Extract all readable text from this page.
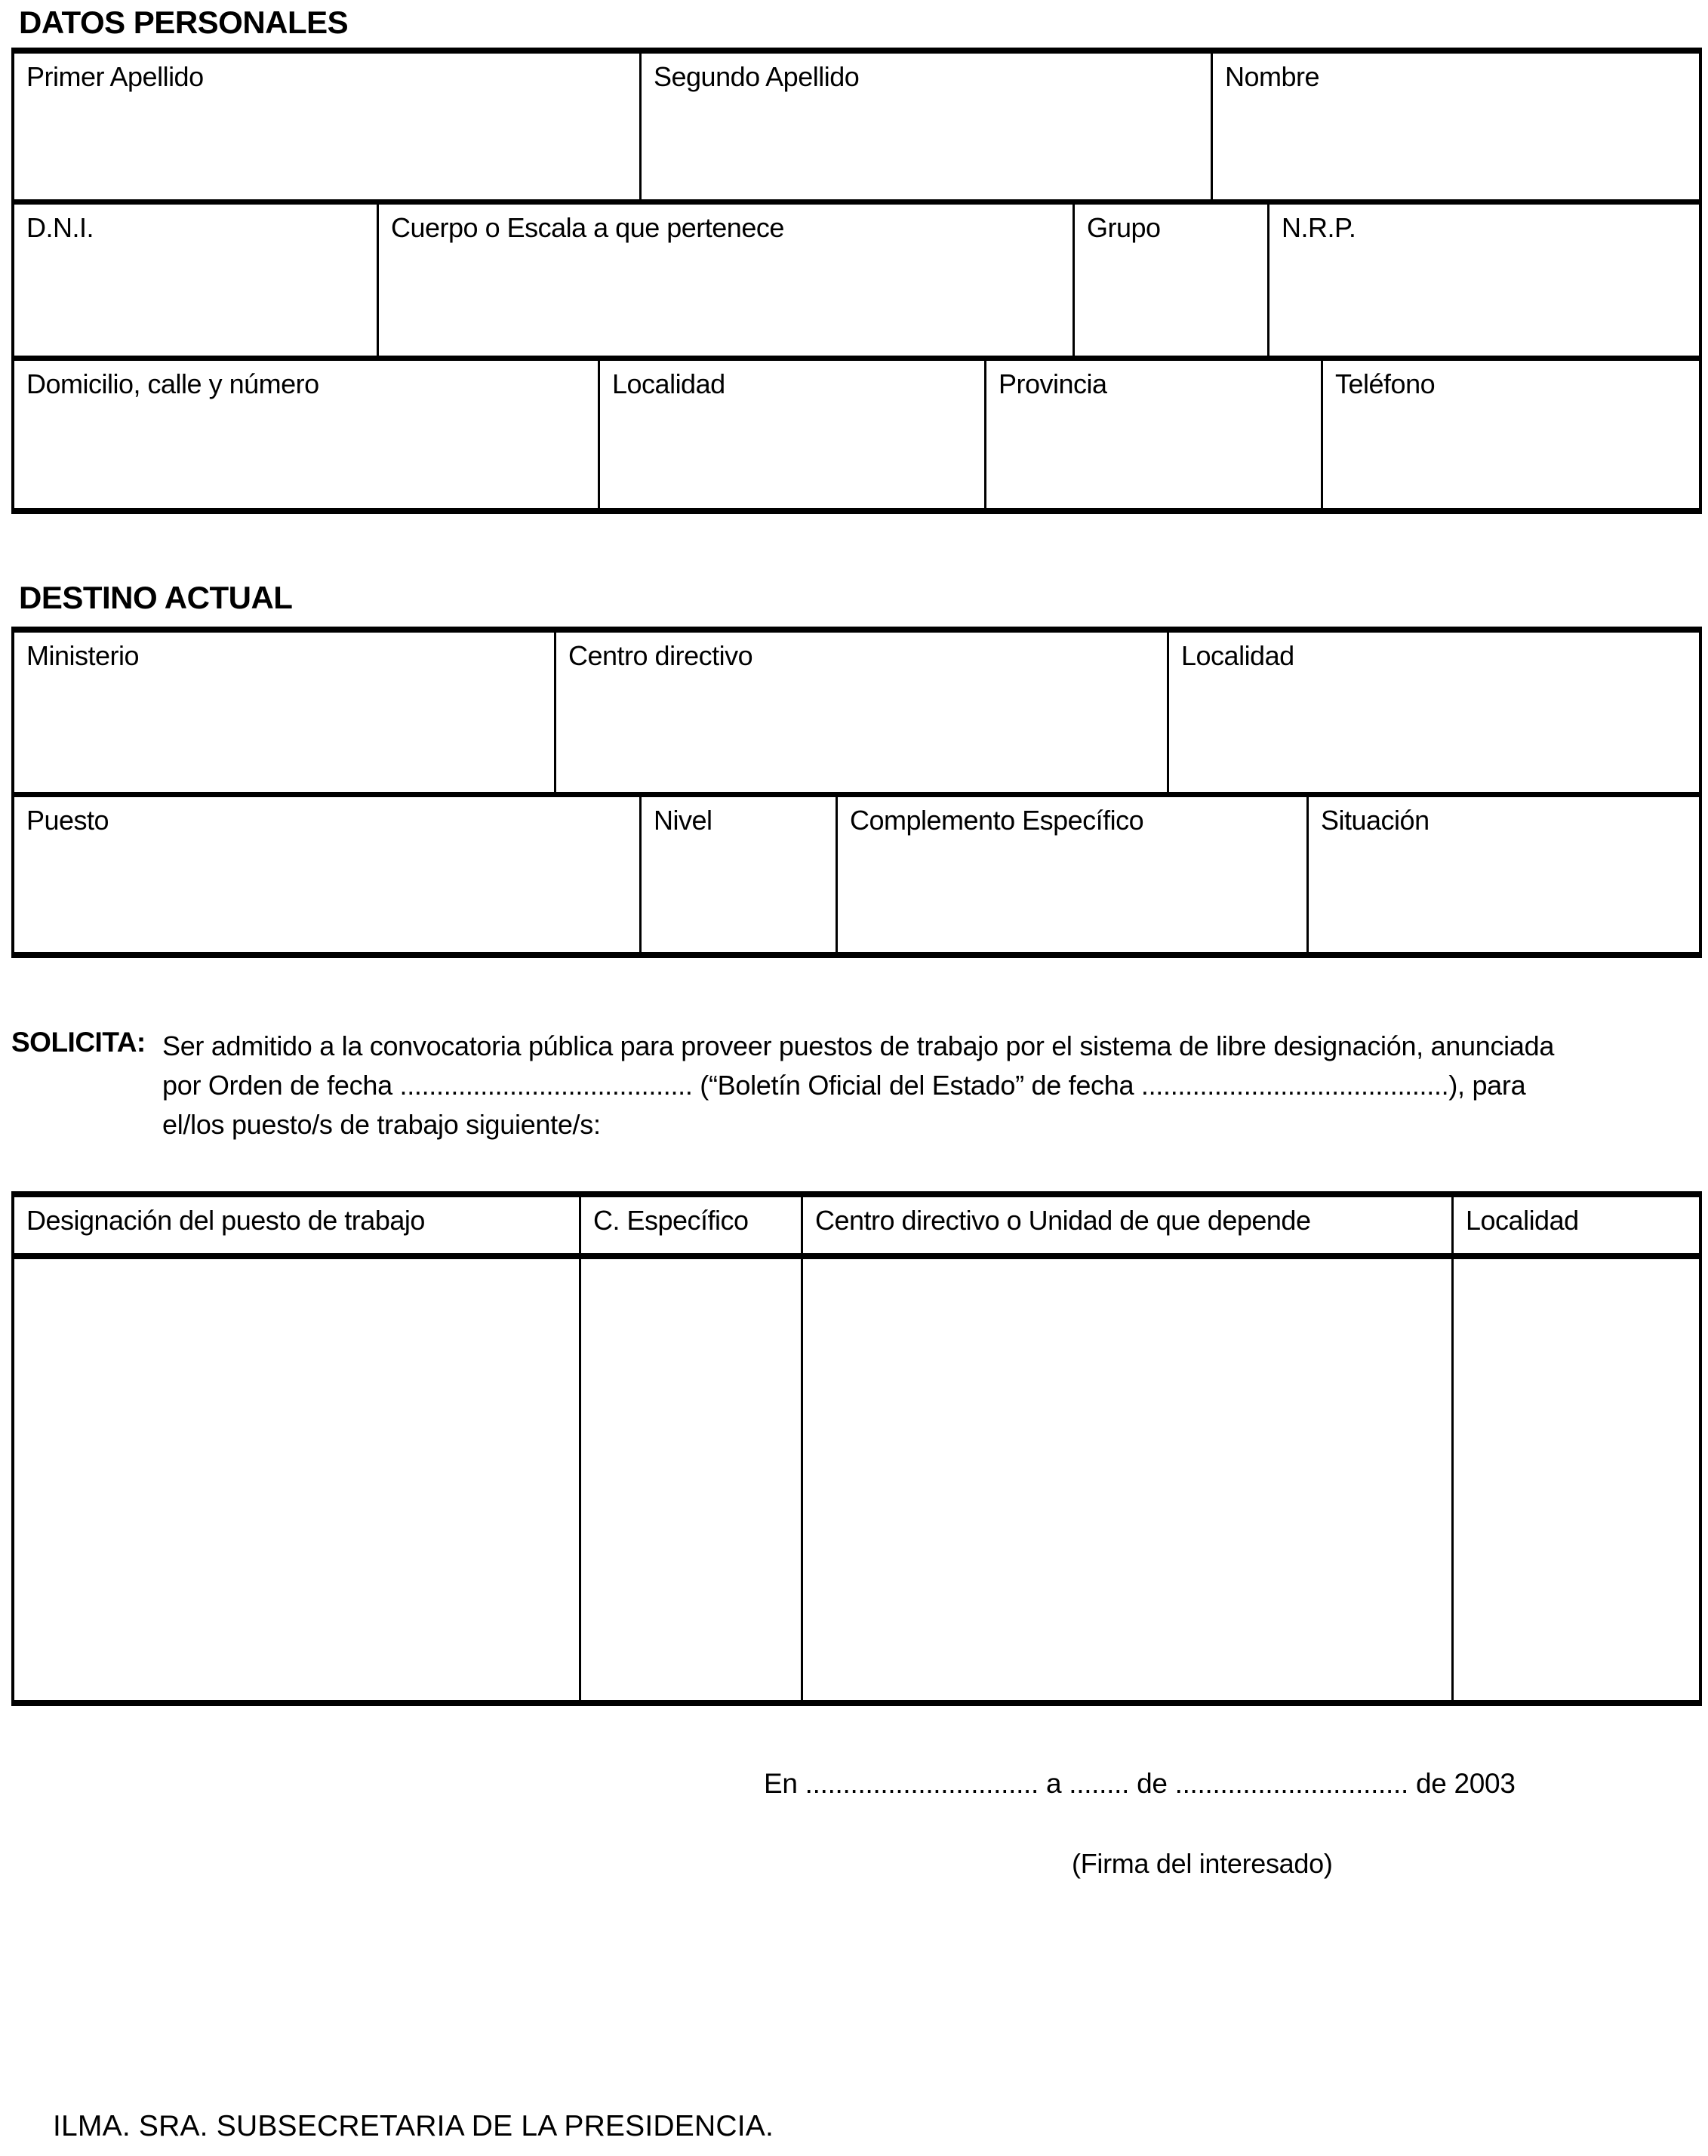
DATOS PERSONALES
Primer Apellido	Segundo Apellido	Nombre
D.N.I.	Cuerpo o Escala a que pertenece	Grupo	N.R.P.
Domicilio, calle y número	Localidad	Provincia	Teléfono
DESTINO ACTUAL
Ministerio	Centro directivo	Localidad
Puesto	Nivel	Complemento Específico	Situación
SOLICITA: Ser admitido a la convocatoria pública para proveer puestos de trabajo por el sistema de libre designación, anunciada
por Orden de fecha ........................................ (“Boletín Oficial del Estado” de fecha ..........................................), para
el/los puesto/s de trabajo siguiente/s:
Designación del puesto de trabajo	C. Específico	Centro directivo o Unidad de que depende	Localidad
En ............................... a ........ de ............................... de 2003
(Firma del interesado)
ILMA. SRA. SUBSECRETARIA DE LA PRESIDENCIA.
